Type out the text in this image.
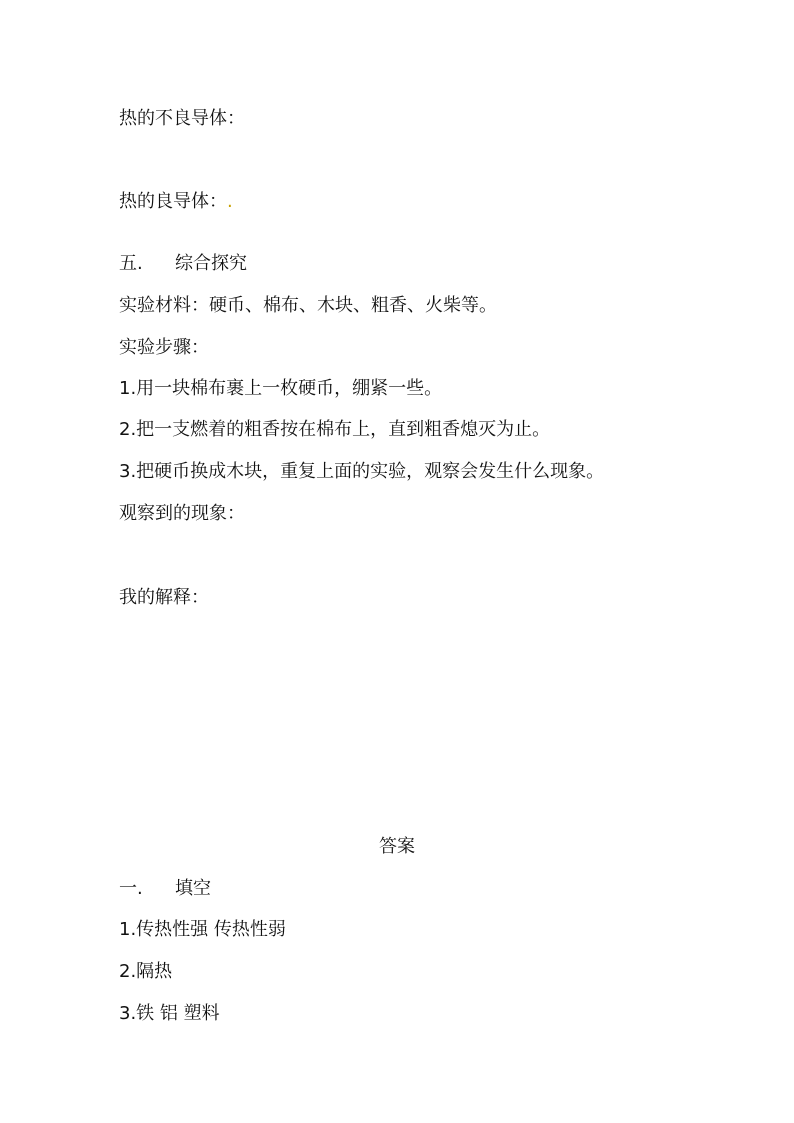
热的不良导体：
热的良导体：.
五. 综合探究
实验材料：硬币、棉布、木块、粗香、火柴等。
实验步骤：
1.用一块棉布裹上一枚硬币，绷紧一些。
2.把一支燃着的粗香按在棉布上，直到粗香熄灭为止。
3.把硬币换成木块，重复上面的实验，观察会发生什么现象。
观察到的现象：
我的解释：
答案
一. 填空
1.传热性强 传热性弱
2.隔热
3.铁 铝 塑料
